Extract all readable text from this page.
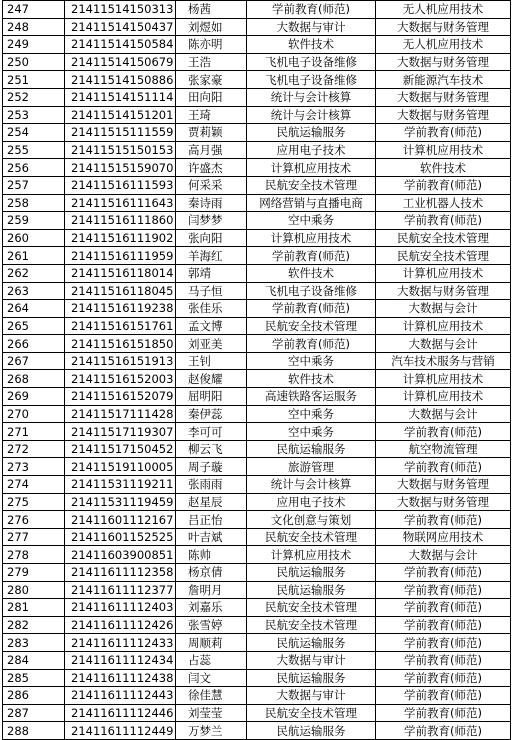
247	21411514150313	杨茜	学前教育(师范)	无人机应用技术
248	21411514150437	刘煜如	大数据与审计	大数据与财务管理
249	21411514150584	陈亦明	软件技术	无人机应用技术
250	21411514150679	王浩	飞机电子设备维修	大数据与财务管理
251	21411514150886	张家豪	飞机电子设备维修	新能源汽车技术
252	21411514151114	田向阳	统计与会计核算	大数据与财务管理
253	21411514151201	王琦	统计与会计核算	大数据与财务管理
254	21411515111559	贾莉颖	民航运输服务	学前教育(师范)
255	21411515150153	高月强	应用电子技术	计算机应用技术
256	21411515159070	许盛杰	计算机应用技术	软件技术
257	21411516111593	何采采	民航安全技术管理	学前教育(师范)
258	21411516111643	秦诗雨	网络营销与直播电商	工业机器人技术
259	21411516111860	闫梦梦	空中乘务	学前教育(师范)
260	21411516111902	张向阳	计算机应用技术	民航安全技术管理
261	21411516111959	羊海红	学前教育(师范)	民航安全技术管理
262	21411516118014	郭靖	软件技术	计算机应用技术
263	21411516118045	马子恒	飞机电子设备维修	大数据与财务管理
264	21411516119238	张佳乐	学前教育(师范)	大数据与会计
265	21411516151761	孟文博	民航安全技术管理	计算机应用技术
266	21411516151850	刘亚美	学前教育(师范)	大数据与会计
267	21411516151913	王钊	空中乘务	汽车技术服务与营销
268	21411516152003	赵俊耀	软件技术	计算机应用技术
269	21411516152079	屈明阳	高速铁路客运服务	计算机应用技术
270	21411517111428	秦伊蕊	空中乘务	大数据与会计
271	21411517119307	李可可	空中乘务	学前教育(师范)
272	21411517150452	柳云飞	民航运输服务	航空物流管理
273	21411519110005	周子璇	旅游管理	学前教育(师范)
274	21411531119211	张雨雨	统计与会计核算	大数据与财务管理
275	21411531119459	赵星辰	应用电子技术	大数据与财务管理
276	21411601112167	吕正怡	文化创意与策划	学前教育(师范)
277	21411601152525	叶吉斌	民航安全技术管理	物联网应用技术
278	21411603900851	陈帅	计算机应用技术	大数据与会计
279	21411611112358	杨京倩	民航运输服务	学前教育(师范)
280	21411611112377	詹明月	民航运输服务	学前教育(师范)
281	21411611112403	刘嘉乐	民航安全技术管理	学前教育(师范)
282	21411611112426	张雪婷	民航安全技术管理	学前教育(师范)
283	21411611112433	周顺莉	民航运输服务	学前教育(师范)
284	21411611112434	占蕊	大数据与审计	学前教育(师范)
285	21411611112438	闫文	民航运输服务	学前教育(师范)
286	21411611112443	徐佳慧	大数据与审计	学前教育(师范)
287	21411611112446	刘莹莹	民航安全技术管理	学前教育(师范)
288	21411611112449	万梦兰	民航运输服务	学前教育(师范)
